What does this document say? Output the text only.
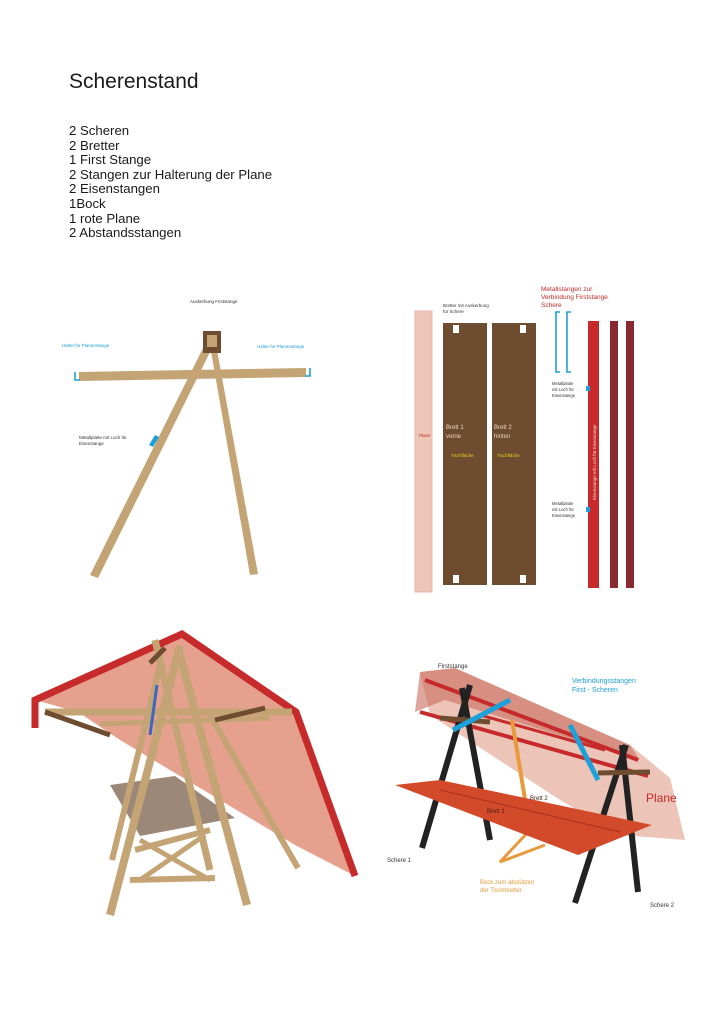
Scherenstand
2 Scheren
2 Bretter
1 First Stange
2 Stangen zur Halterung der Plane
2 Eisenstangen
1Bock
1 rote Plane
2 Abstandsstangen
Auskerbung Firststange
Halter für Planenstange	Halter für Planenstange
Metallplatte mit Loch für
Eisenstange
Plane
Brett 1
vorne
Brett 2
hinten
Tischfläche	Tischfläche
Bretter mit Auskerbung
für Schere
Metallstangen zur
Verbindung Firststange
Schere
Eisenstange mit Loch für Eisenstange
Metallplatte
mit Loch für
Eisenstange
Metallplatte
mit Loch für
Eisenstange
Firststange
Verbindungsstangen
First - Scheren
Plane
Brett 1
Brett 2
Schere 1
Schere 2
Bock zum abstützen
der Tischbretter
